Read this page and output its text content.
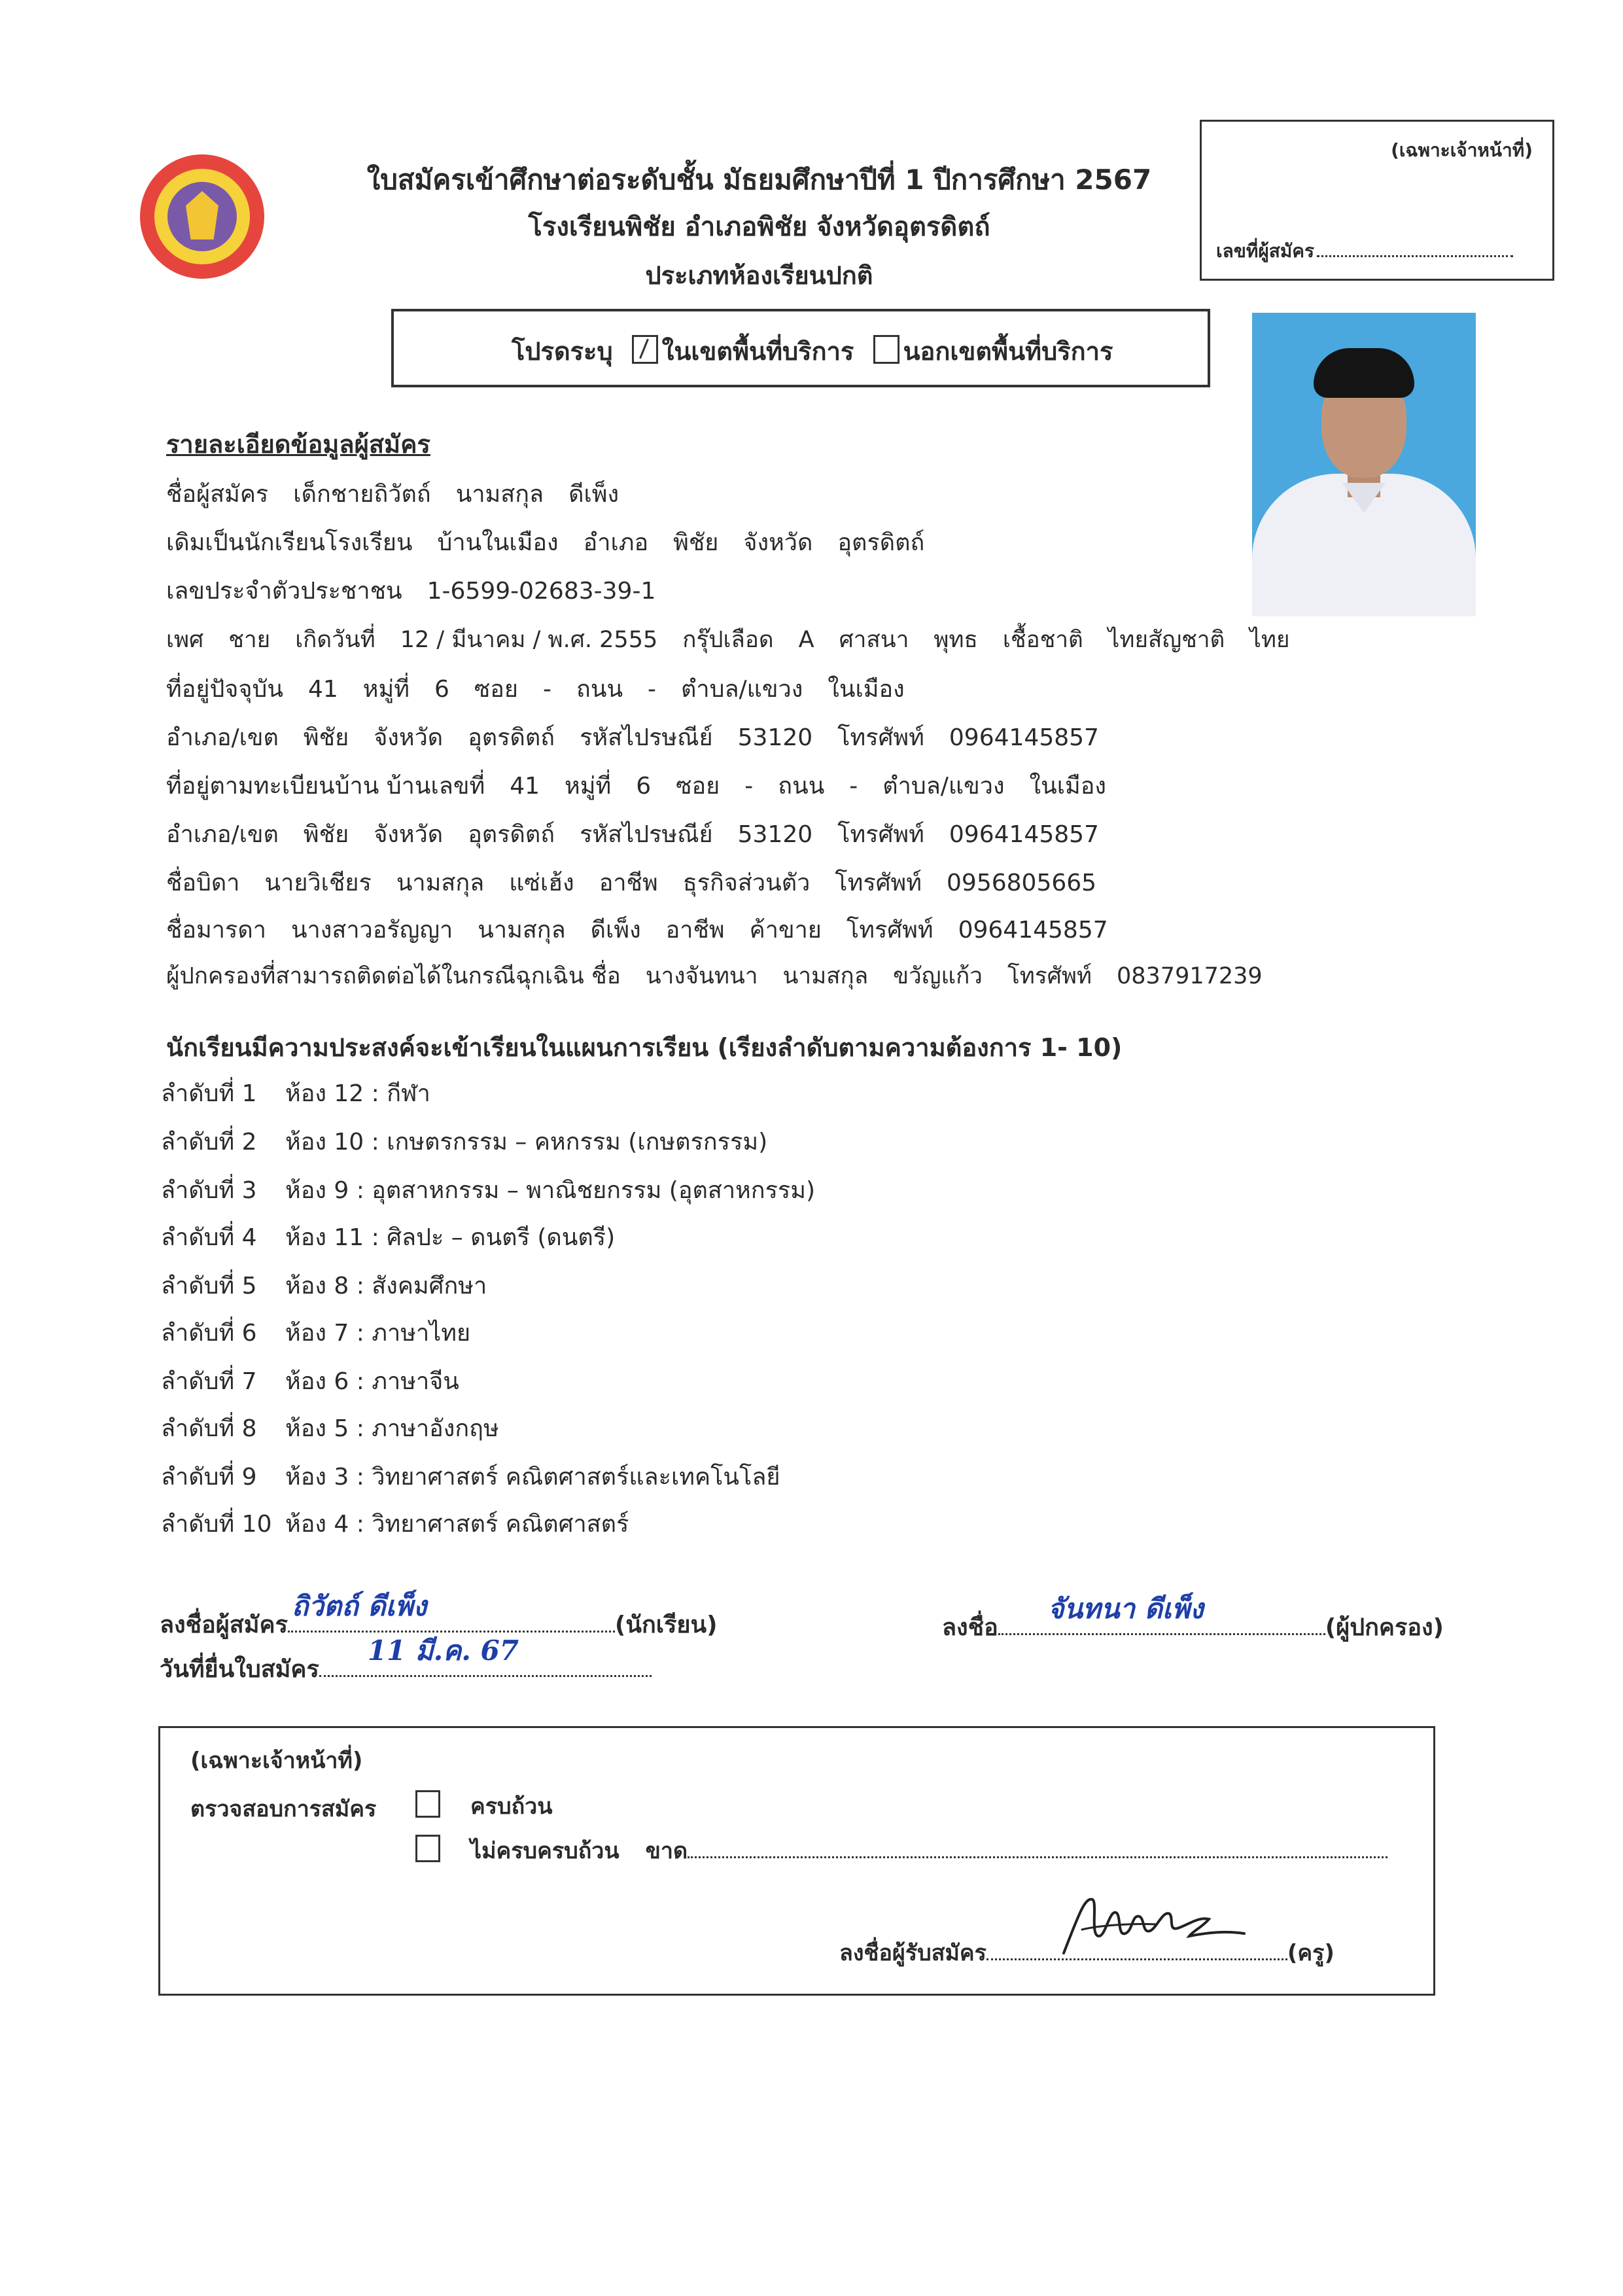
(เฉพาะเจ้าหน้าที่)
เลขที่ผู้สมัคร
ใบสมัครเข้าศึกษาต่อระดับชั้น มัธยมศึกษาปีที่ 1 ปีการศึกษา 2567
โรงเรียนพิชัย อำเภอพิชัย จังหวัดอุตรดิตถ์
ประเภทห้องเรียนปกติ
โปรดระบุ ในเขตพื้นที่บริการ นอกเขตพื้นที่บริการ
รายละเอียดข้อมูลผู้สมัคร
ชื่อผู้สมัคร เด็กชายถิวัตถ์ นามสกุล ดีเพ็ง
เดิมเป็นนักเรียนโรงเรียน บ้านในเมือง อำเภอ พิชัย จังหวัด อุตรดิตถ์
เลขประจำตัวประชาชน 1-6599-02683-39-1
เพศ ชาย เกิดวันที่ 12 / มีนาคม / พ.ศ. 2555 กรุ๊ปเลือด A ศาสนา พุทธ เชื้อชาติ ไทยสัญชาติ ไทย
ที่อยู่ปัจจุบัน 41 หมู่ที่ 6 ซอย - ถนน - ตำบล/แขวง ในเมือง
อำเภอ/เขต พิชัย จังหวัด อุตรดิตถ์ รหัสไปรษณีย์ 53120 โทรศัพท์ 0964145857
ที่อยู่ตามทะเบียนบ้าน บ้านเลขที่ 41 หมู่ที่ 6 ซอย - ถนน - ตำบล/แขวง ในเมือง
อำเภอ/เขต พิชัย จังหวัด อุตรดิตถ์ รหัสไปรษณีย์ 53120 โทรศัพท์ 0964145857
ชื่อบิดา นายวิเชียร นามสกุล แซ่เฮ้ง อาชีพ ธุรกิจส่วนตัว โทรศัพท์ 0956805665
ชื่อมารดา นางสาวอรัญญา นามสกุล ดีเพ็ง อาชีพ ค้าขาย โทรศัพท์ 0964145857
ผู้ปกครองที่สามารถติดต่อได้ในกรณีฉุกเฉิน ชื่อ นางจันทนา นามสกุล ขวัญแก้ว โทรศัพท์ 0837917239
นักเรียนมีความประสงค์จะเข้าเรียนในแผนการเรียน (เรียงลำดับตามความต้องการ 1- 10)
ลำดับที่ 1 ห้อง 12 : กีฬา
ลำดับที่ 2 ห้อง 10 : เกษตรกรรม – คหกรรม (เกษตรกรรม)
ลำดับที่ 3 ห้อง 9 : อุตสาหกรรม – พาณิชยกรรม (อุตสาหกรรม)
ลำดับที่ 4 ห้อง 11 : ศิลปะ – ดนตรี (ดนตรี)
ลำดับที่ 5 ห้อง 8 : สังคมศึกษา
ลำดับที่ 6 ห้อง 7 : ภาษาไทย
ลำดับที่ 7 ห้อง 6 : ภาษาจีน
ลำดับที่ 8 ห้อง 5 : ภาษาอังกฤษ
ลำดับที่ 9 ห้อง 3 : วิทยาศาสตร์ คณิตศาสตร์และเทคโนโลยี
ลำดับที่ 10 ห้อง 4 : วิทยาศาสตร์ คณิตศาสตร์
ลงชื่อผู้สมัคร
ถิวัตถ์ ดีเพ็ง
(นักเรียน)
วันที่ยื่นใบสมัคร
11 มี.ค. 67
ลงชื่อ
จันทนา ดีเพ็ง
(ผู้ปกครอง)
(เฉพาะเจ้าหน้าที่)
ตรวจสอบการสมัคร	ครบถ้วน
ไม่ครบครบถ้วน ขาด
ลงชื่อผู้รับสมัคร	(ครู)
